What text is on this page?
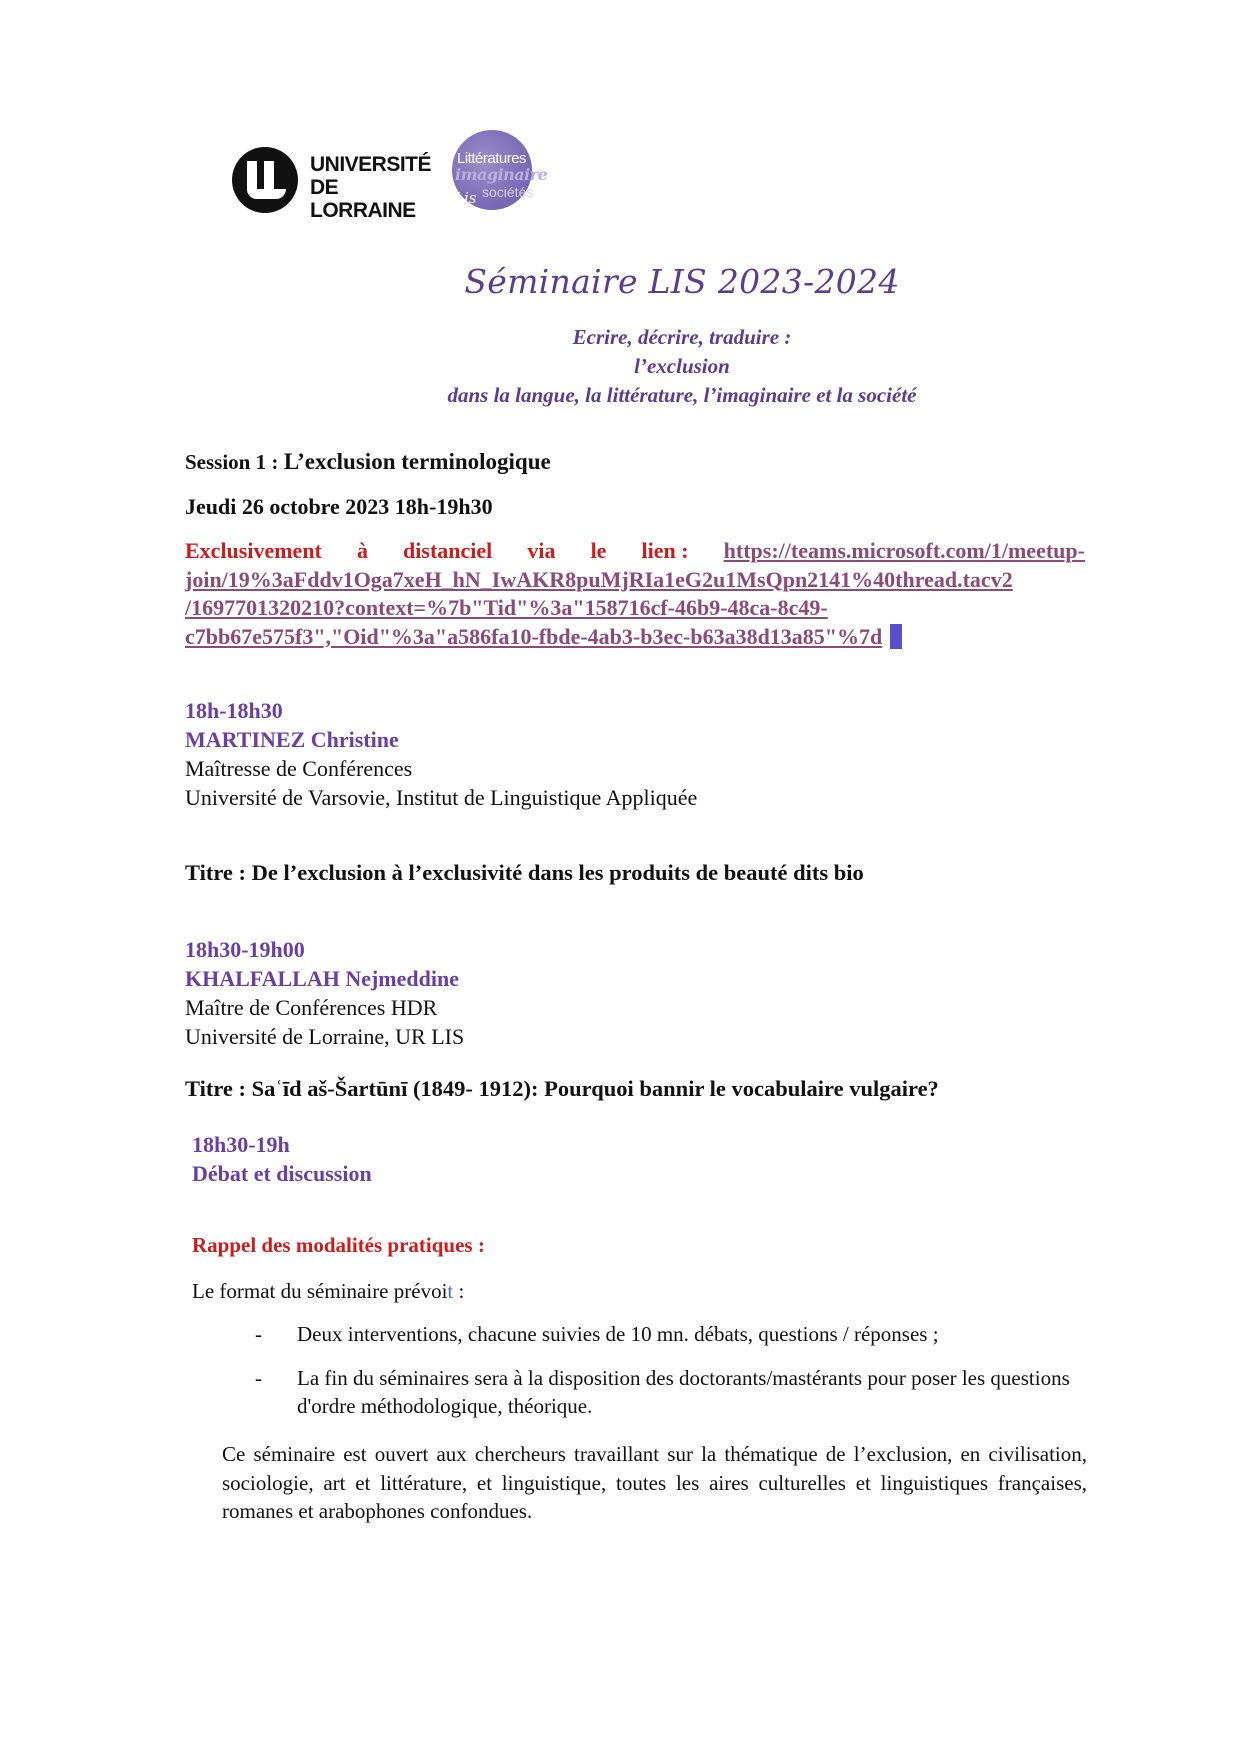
UNIVERSITÉ
DE LORRAINE
Littératures
imaginaire
Lis sociétés
Séminaire LIS 2023-2024
Ecrire, décrire, traduire :
l’exclusion
dans la langue, la littérature, l’imaginaire et la société
Session 1 : L’exclusion terminologique
Jeudi 26 octobre 2023 18h-19h30
Exclusivement à distanciel via le lien : https://teams.microsoft.com/1/meetup-
join/19%3aFddv1Oga7xeH_hN_IwAKR8puMjRIa1eG2u1MsQpn2141%40thread.tacv2
/1697701320210?context=%7b"Tid"%3a"158716cf-46b9-48ca-8c49-
c7bb67e575f3","Oid"%3a"a586fa10-fbde-4ab3-b3ec-b63a38d13a85"%7d
18h-18h30
MARTINEZ Christine
Maîtresse de Conférences
Université de Varsovie, Institut de Linguistique Appliquée
Titre : De l’exclusion à l’exclusivité dans les produits de beauté dits bio
18h30-19h00
KHALFALLAH Nejmeddine
Maître de Conférences HDR
Université de Lorraine, UR LIS
Titre : Saʿīd aš-Šartūnī (1849- 1912): Pourquoi bannir le vocabulaire vulgaire?
18h30-19h
Débat et discussion
Rappel des modalités pratiques :
Le format du séminaire prévoit :
-	Deux interventions, chacune suivies de 10 mn. débats, questions / réponses ;
-	La fin du séminaires sera à la disposition des doctorants/mastérants pour poser les questions d'ordre méthodologique, théorique.
Ce séminaire est ouvert aux chercheurs travaillant sur la thématique de l’exclusion, en civilisation, sociologie, art et littérature, et linguistique, toutes les aires culturelles et linguistiques françaises, romanes et arabophones confondues.
